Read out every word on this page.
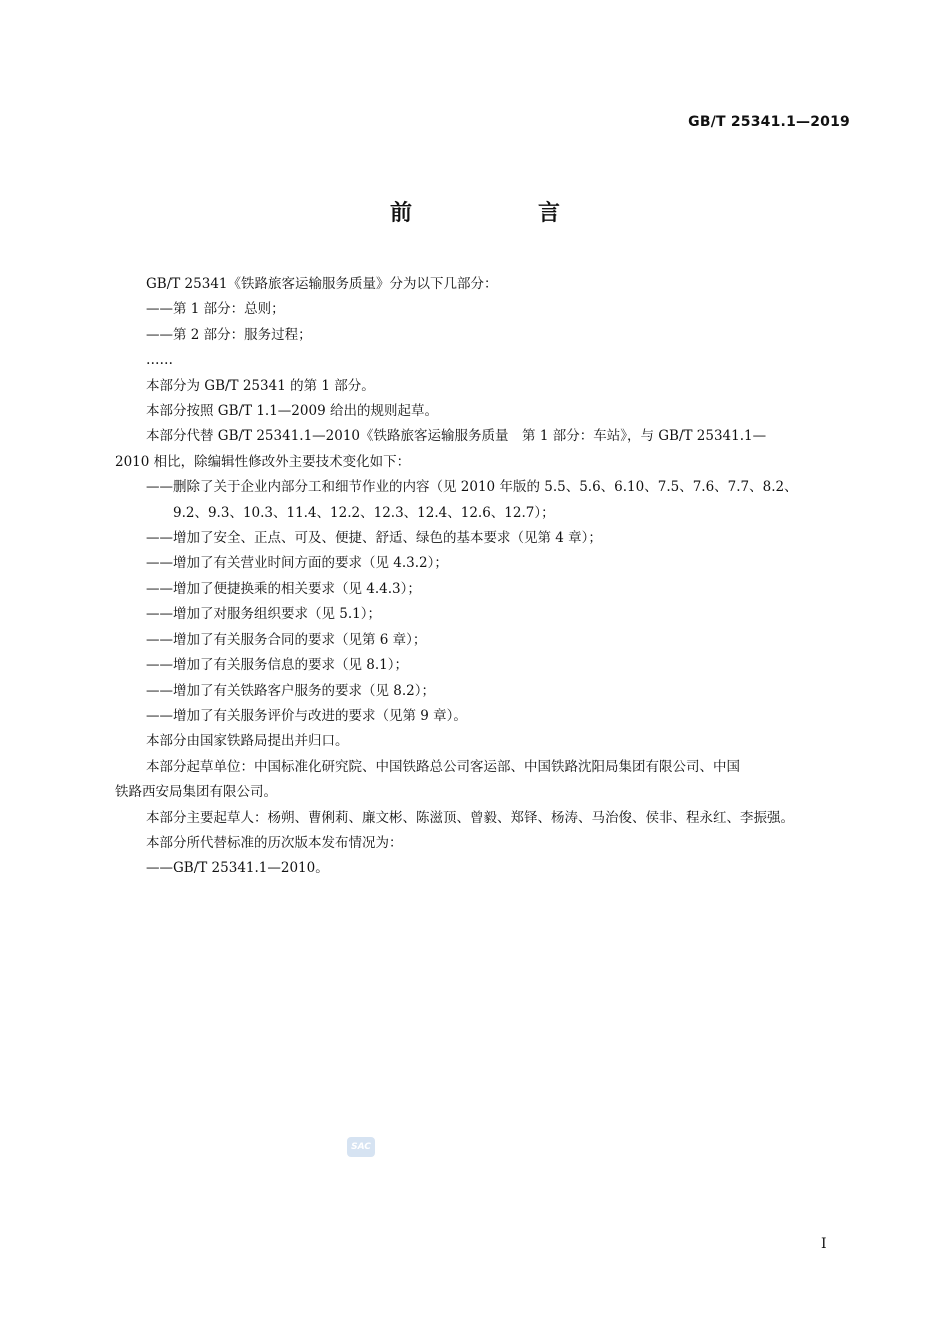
GB/T 25341.1—2019
前　言

GB/T 25341《铁路旅客运输服务质量》分为以下几部分：

——第 1 部分：总则；

——第 2 部分：服务过程；

……

本部分为 GB/T 25341 的第 1 部分。

本部分按照 GB/T 1.1—2009 给出的规则起草。

本部分代替 GB/T 25341.1—2010《铁路旅客运输服务质量　第 1 部分：车站》，与 GB/T 25341.1—

2010 相比，除编辑性修改外主要技术变化如下：

——删除了关于企业内部分工和细节作业的内容（见 2010 年版的 5.5、5.6、6.10、7.5、7.6、7.7、8.2、

9.2、9.3、10.3、11.4、12.2、12.3、12.4、12.6、12.7）；

——增加了安全、正点、可及、便捷、舒适、绿色的基本要求（见第 4 章）；

——增加了有关营业时间方面的要求（见 4.3.2）；

——增加了便捷换乘的相关要求（见 4.4.3）；

——增加了对服务组织要求（见 5.1）；

——增加了有关服务合同的要求（见第 6 章）；

——增加了有关服务信息的要求（见 8.1）；

——增加了有关铁路客户服务的要求（见 8.2）；

——增加了有关服务评价与改进的要求（见第 9 章）。

本部分由国家铁路局提出并归口。

本部分起草单位：中国标准化研究院、中国铁路总公司客运部、中国铁路沈阳局集团有限公司、中国

铁路西安局集团有限公司。

本部分主要起草人：杨朔、曹俐莉、廉文彬、陈滋顶、曾毅、郑铎、杨涛、马治俊、侯非、程永红、李振强。

本部分所代替标准的历次版本发布情况为：

——GB/T 25341.1—2010。

SAC
I
